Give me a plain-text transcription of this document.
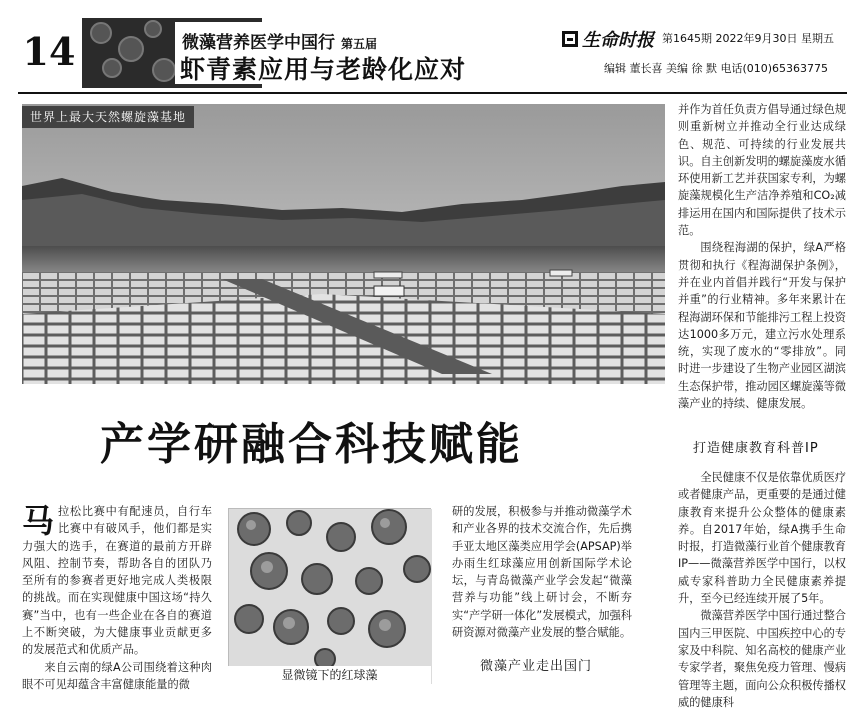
14	微藻营养医学中国行 第五届
虾青素应用与老龄化应对
生命时报 第1645期 2022年9月30日 星期五
编辑 董长喜 美编 徐 默 电话(010)65363775
世界上最大天然螺旋藻基地

并作为首任负责方倡导通过绿色规则重新树立并推动全行业达成绿色、规范、可持续的行业发展共识。自主创新发明的螺旋藻废水循环使用新工艺并获国家专利，为螺旋藻规模化生产洁净养殖和CO₂减排运用在国内和国际提供了技术示范。

围绕程海湖的保护，绿A严格贯彻和执行《程海湖保护条例》，并在业内首倡并践行“开发与保护并重”的行业精神。多年来累计在程海湖环保和节能排污工程上投资达1000多万元，建立污水处理系统，实现了废水的“零排放”。同时进一步建设了生物产业园区湖滨生态保护带，推动园区螺旋藻等微藻产业的持续、健康发展。

产学研融合科技赋能	打造健康教育科普IP

马拉松比赛中有配速员，自行车比赛中有破风手，他们都是实力强大的选手，在赛道的最前方开辟风阻、控制节奏，帮助各自的团队乃至所有的参赛者更好地完成人类极限的挑战。而在实现健康中国这场“持久赛”当中，也有一些企业在各自的赛道上不断突破，为大健康事业贡献更多的发展范式和优质产品。

来自云南的绿A公司围绕着这种肉眼不可见却蕴含丰富健康能量的微

显微镜下的红球藻

研的发展，积极参与并推动微藻学术和产业各界的技术交流合作，先后携手亚太地区藻类应用学会(APSAP)举办雨生红球藻应用创新国际学术论坛，与青岛微藻产业学会发起“微藻营养与功能”线上研讨会，不断夯实“产学研一体化”发展模式，加强科研资源对微藻产业发展的整合赋能。

微藻产业走出国门

全民健康不仅是依靠优质医疗或者健康产品，更重要的是通过健康教育来提升公众整体的健康素养。自2017年始，绿A携手生命时报，打造微藻行业首个健康教育IP——微藻营养医学中国行，以权威专家科普助力全民健康素养提升，至今已经连续开展了5年。

微藻营养医学中国行通过整合国内三甲医院、中国疾控中心的专家及中科院、知名高校的健康产业专家学者，聚焦免疫力管理、慢病管理等主题，面向公众积极传播权威的健康科
